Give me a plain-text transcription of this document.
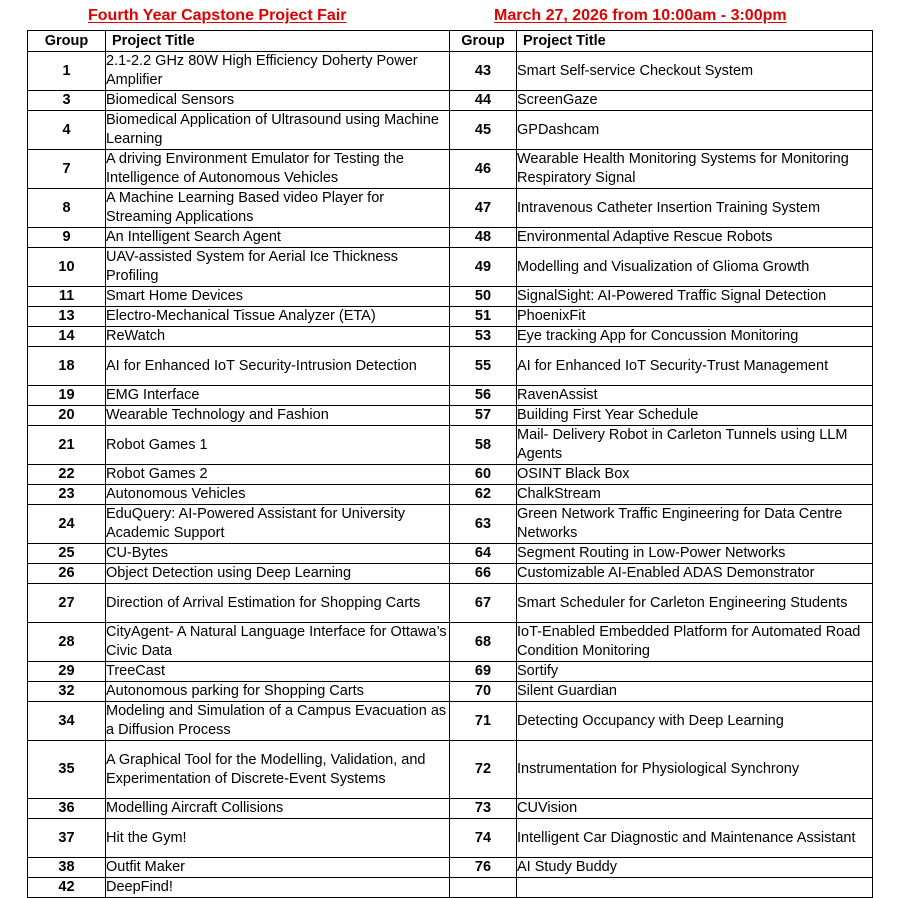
Fourth Year Capstone Project Fair	March 27, 2026 from 10:00am - 3:00pm
Group	Project Title	Group	Project Title
1	2.1-2.2 GHz 80W High Efficiency Doherty Power Amplifier	43	Smart Self-service Checkout System
3	Biomedical Sensors	44	ScreenGaze
4	Biomedical Application of Ultrasound using Machine Learning	45	GPDashcam
7	A driving Environment Emulator for Testing the Intelligence of Autonomous Vehicles	46	Wearable Health Monitoring Systems for Monitoring Respiratory Signal
8	A Machine Learning Based video Player for Streaming Applications	47	Intravenous Catheter Insertion Training System
9	An Intelligent Search Agent	48	Environmental Adaptive Rescue Robots
10	UAV-assisted System for Aerial Ice Thickness Profiling	49	Modelling and Visualization of Glioma Growth
11	Smart Home Devices	50	SignalSight: AI-Powered Traffic Signal Detection
13	Electro-Mechanical Tissue Analyzer (ETA)	51	PhoenixFit
14	ReWatch	53	Eye tracking App for Concussion Monitoring
18	AI for Enhanced IoT Security-Intrusion Detection	55	AI for Enhanced IoT Security-Trust Management
19	EMG Interface	56	RavenAssist
20	Wearable Technology and Fashion	57	Building First Year Schedule
21	Robot Games 1	58	Mail- Delivery Robot in Carleton Tunnels using LLM Agents
22	Robot Games 2	60	OSINT Black Box
23	Autonomous Vehicles	62	ChalkStream
24	EduQuery: AI-Powered Assistant for University Academic Support	63	Green Network Traffic Engineering for Data Centre Networks
25	CU-Bytes	64	Segment Routing in Low-Power Networks
26	Object Detection using Deep Learning	66	Customizable AI-Enabled ADAS Demonstrator
27	Direction of Arrival Estimation for Shopping Carts	67	Smart Scheduler for Carleton Engineering Students
28	CityAgent- A Natural Language Interface for Ottawa’s Civic Data	68	IoT-Enabled Embedded Platform for Automated Road Condition Monitoring
29	TreeCast	69	Sortify
32	Autonomous parking for Shopping Carts	70	Silent Guardian
34	Modeling and Simulation of a Campus Evacuation as a Diffusion Process	71	Detecting Occupancy with Deep Learning
35	A Graphical Tool for the Modelling, Validation, and Experimentation of Discrete-Event Systems	72	Instrumentation for Physiological Synchrony
36	Modelling Aircraft Collisions	73	CUVision
37	Hit the Gym!	74	Intelligent Car Diagnostic and Maintenance Assistant
38	Outfit Maker	76	AI Study Buddy
42	DeepFind!		
